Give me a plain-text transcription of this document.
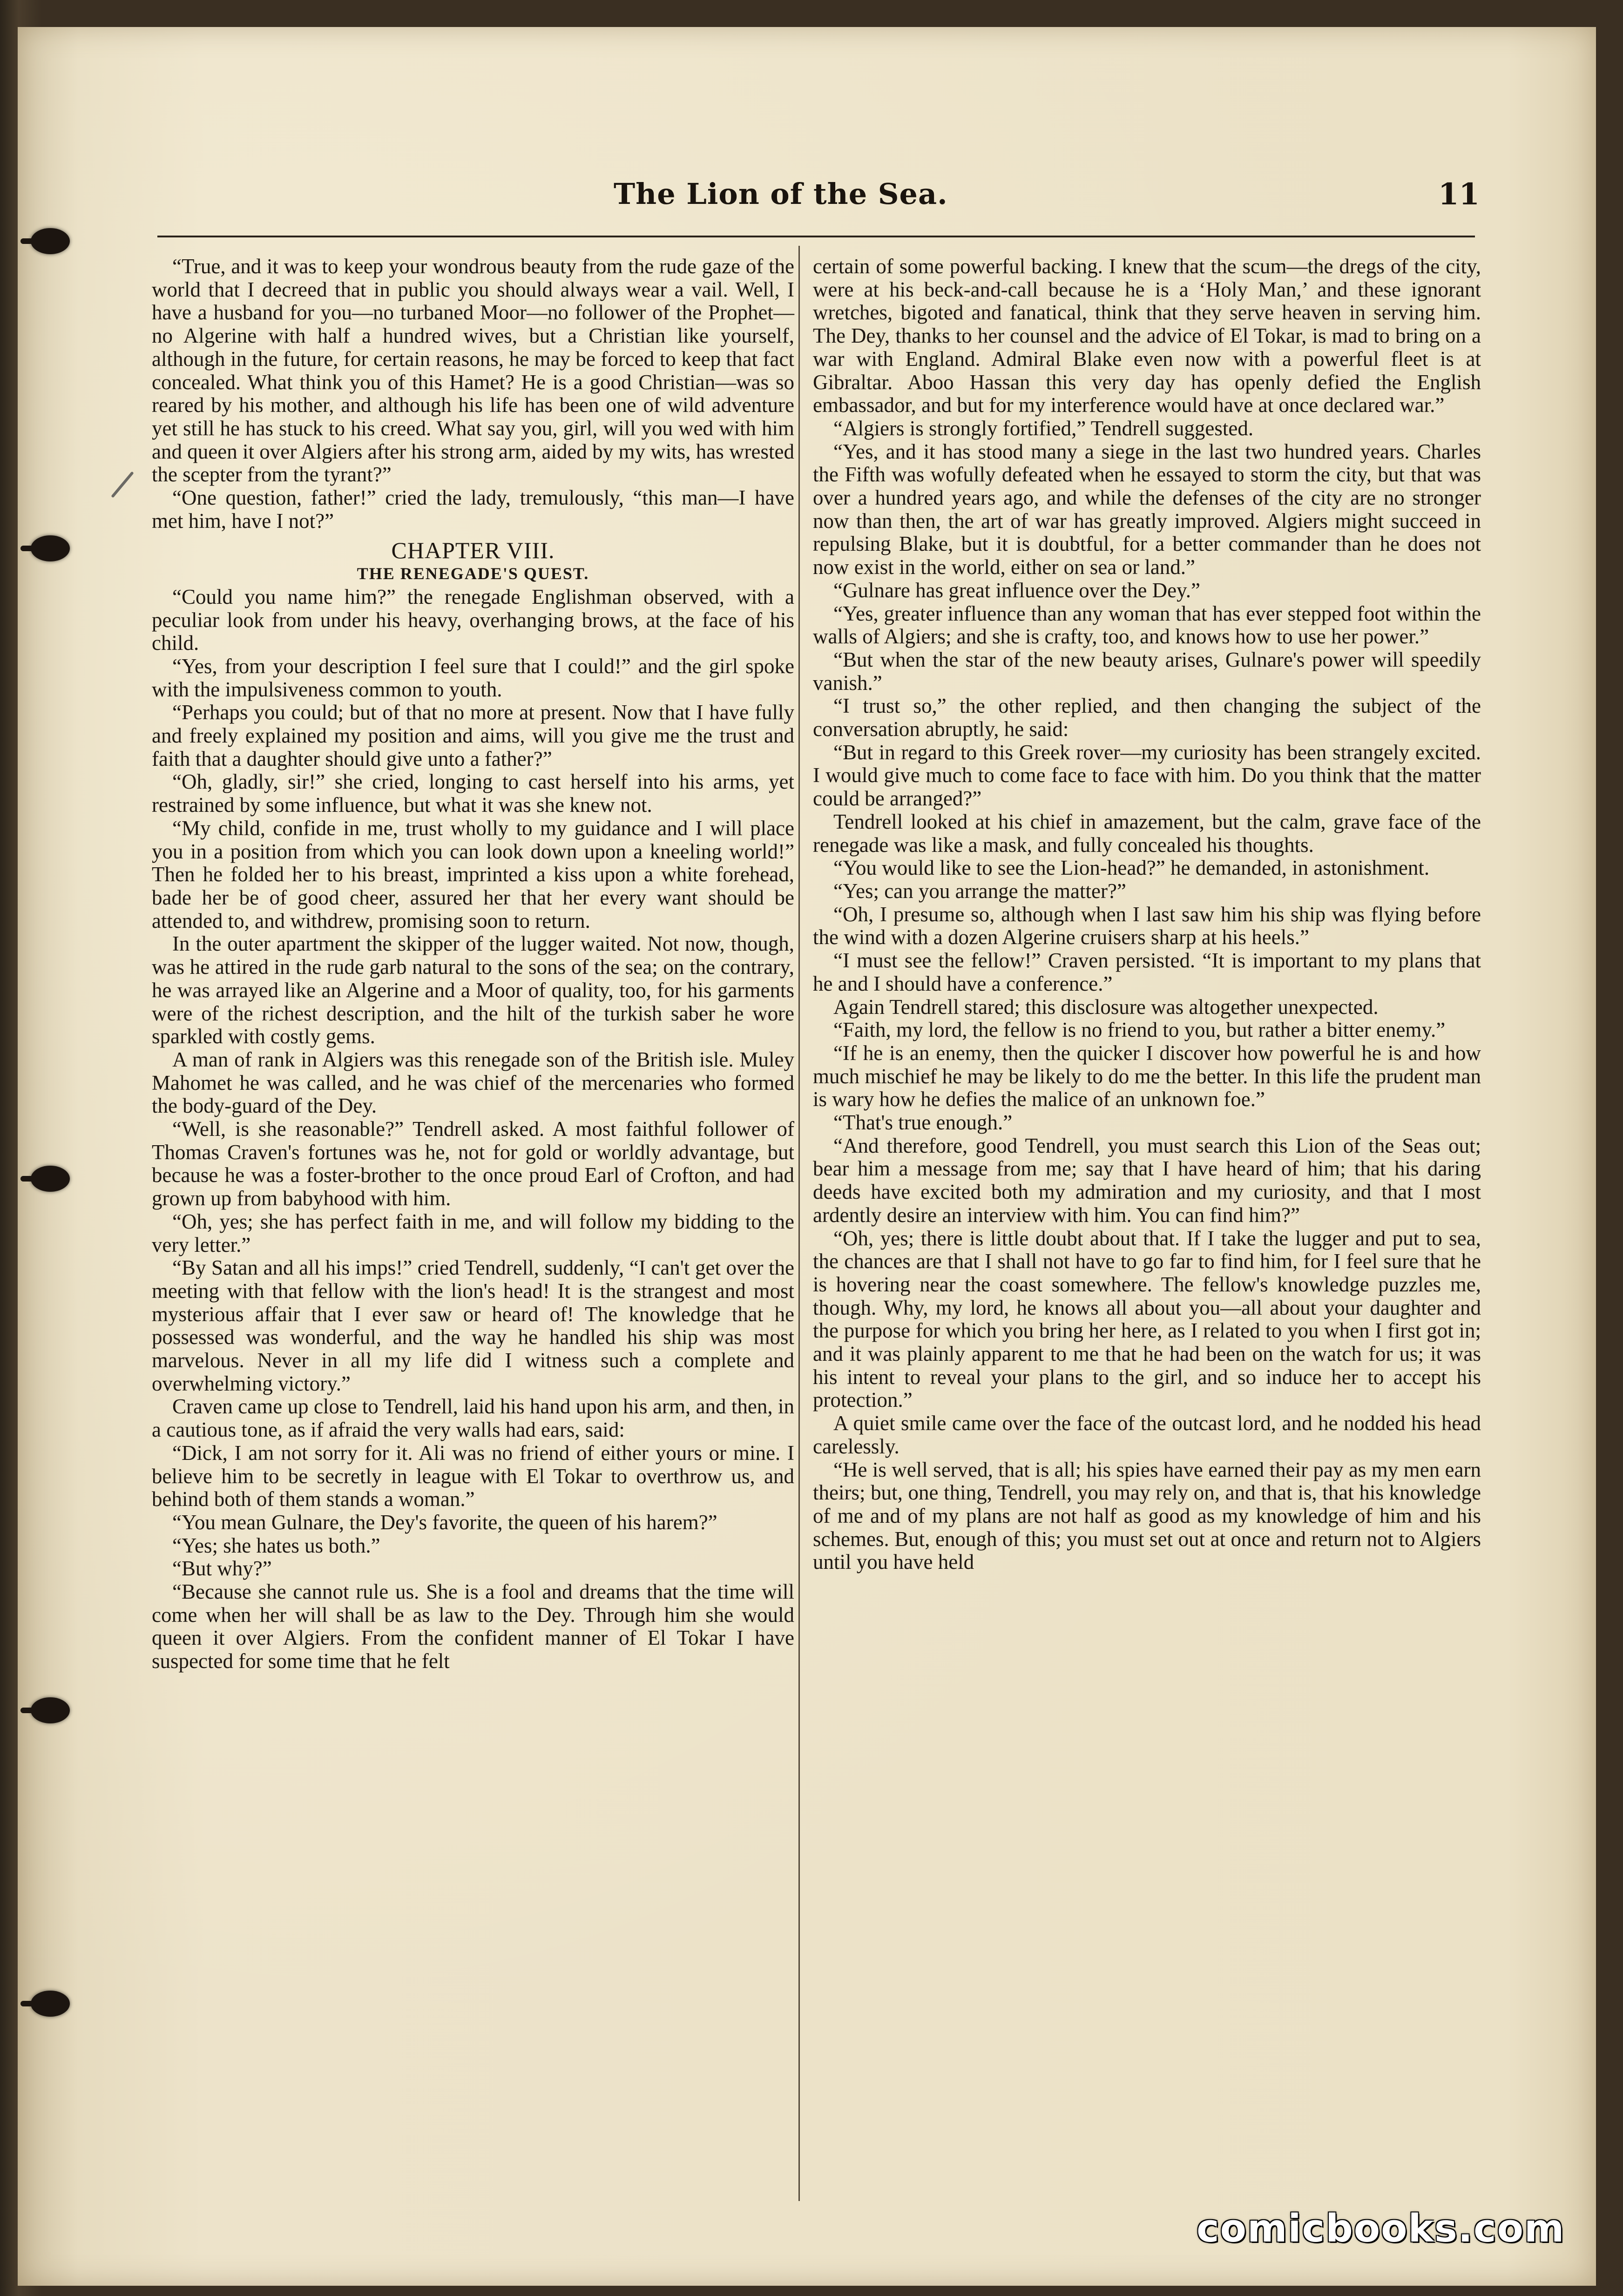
The Lion of the Sea.	11

“True, and it was to keep your wondrous beauty from the rude gaze of the world that I decreed that in public you should always wear a vail. Well, I have a husband for you—no turbaned Moor—no follower of the Prophet—no Algerine with half a hundred wives, but a Christian like yourself, although in the future, for certain reasons, he may be forced to keep that fact concealed. What think you of this Hamet? He is a good Christian—was so reared by his mother, and although his life has been one of wild adventure yet still he has stuck to his creed. What say you, girl, will you wed with him and queen it over Algiers after his strong arm, aided by my wits, has wrested the scepter from the tyrant?”

“One question, father!” cried the lady, tremulously, “this man—I have met him, have I not?”

CHAPTER VIII.

THE RENEGADE'S QUEST.

“Could you name him?” the renegade Englishman observed, with a peculiar look from under his heavy, overhanging brows, at the face of his child.

“Yes, from your description I feel sure that I could!” and the girl spoke with the impulsiveness common to youth.

“Perhaps you could; but of that no more at present. Now that I have fully and freely explained my position and aims, will you give me the trust and faith that a daughter should give unto a father?”

“Oh, gladly, sir!” she cried, longing to cast herself into his arms, yet restrained by some influence, but what it was she knew not.

“My child, confide in me, trust wholly to my guidance and I will place you in a position from which you can look down upon a kneeling world!” Then he folded her to his breast, imprinted a kiss upon a white forehead, bade her be of good cheer, assured her that her every want should be attended to, and withdrew, promising soon to return.

In the outer apartment the skipper of the lugger waited. Not now, though, was he attired in the rude garb natural to the sons of the sea; on the contrary, he was arrayed like an Algerine and a Moor of quality, too, for his garments were of the richest description, and the hilt of the turkish saber he wore sparkled with costly gems.

A man of rank in Algiers was this renegade son of the British isle. Muley Mahomet he was called, and he was chief of the mercenaries who formed the body-guard of the Dey.

“Well, is she reasonable?” Tendrell asked. A most faithful follower of Thomas Craven's fortunes was he, not for gold or worldly advantage, but because he was a foster-brother to the once proud Earl of Crofton, and had grown up from babyhood with him.

“Oh, yes; she has perfect faith in me, and will follow my bidding to the very letter.”

“By Satan and all his imps!” cried Tendrell, suddenly, “I can't get over the meeting with that fellow with the lion's head! It is the strangest and most mysterious affair that I ever saw or heard of! The knowledge that he possessed was wonderful, and the way he handled his ship was most marvelous. Never in all my life did I witness such a complete and overwhelming victory.”

Craven came up close to Tendrell, laid his hand upon his arm, and then, in a cautious tone, as if afraid the very walls had ears, said:

“Dick, I am not sorry for it. Ali was no friend of either yours or mine. I believe him to be secretly in league with El Tokar to overthrow us, and behind both of them stands a woman.”

“You mean Gulnare, the Dey's favorite, the queen of his harem?”

“Yes; she hates us both.”

“But why?”

“Because she cannot rule us. She is a fool and dreams that the time will come when her will shall be as law to the Dey. Through him she would queen it over Algiers. From the confident manner of El Tokar I have suspected for some time that he felt

certain of some powerful backing. I knew that the scum—the dregs of the city, were at his beck-and-call because he is a ‘Holy Man,’ and these ignorant wretches, bigoted and fanatical, think that they serve heaven in serving him. The Dey, thanks to her counsel and the advice of El Tokar, is mad to bring on a war with England. Admiral Blake even now with a powerful fleet is at Gibraltar. Aboo Hassan this very day has openly defied the English embassador, and but for my interference would have at once declared war.”

“Algiers is strongly fortified,” Tendrell suggested.

“Yes, and it has stood many a siege in the last two hundred years. Charles the Fifth was wofully defeated when he essayed to storm the city, but that was over a hundred years ago, and while the defenses of the city are no stronger now than then, the art of war has greatly improved. Algiers might succeed in repulsing Blake, but it is doubtful, for a better commander than he does not now exist in the world, either on sea or land.”

“Gulnare has great influence over the Dey.”

“Yes, greater influence than any woman that has ever stepped foot within the walls of Algiers; and she is crafty, too, and knows how to use her power.”

“But when the star of the new beauty arises, Gulnare's power will speedily vanish.”

“I trust so,” the other replied, and then changing the subject of the conversation abruptly, he said:

“But in regard to this Greek rover—my curiosity has been strangely excited. I would give much to come face to face with him. Do you think that the matter could be arranged?”

Tendrell looked at his chief in amazement, but the calm, grave face of the renegade was like a mask, and fully concealed his thoughts.

“You would like to see the Lion-head?” he demanded, in astonishment.

“Yes; can you arrange the matter?”

“Oh, I presume so, although when I last saw him his ship was flying before the wind with a dozen Algerine cruisers sharp at his heels.”

“I must see the fellow!” Craven persisted. “It is important to my plans that he and I should have a conference.”

Again Tendrell stared; this disclosure was altogether unexpected.

“Faith, my lord, the fellow is no friend to you, but rather a bitter enemy.”

“If he is an enemy, then the quicker I discover how powerful he is and how much mischief he may be likely to do me the better. In this life the prudent man is wary how he defies the malice of an unknown foe.”

“That's true enough.”

“And therefore, good Tendrell, you must search this Lion of the Seas out; bear him a message from me; say that I have heard of him; that his daring deeds have excited both my admiration and my curiosity, and that I most ardently desire an interview with him. You can find him?”

“Oh, yes; there is little doubt about that. If I take the lugger and put to sea, the chances are that I shall not have to go far to find him, for I feel sure that he is hovering near the coast somewhere. The fellow's knowledge puzzles me, though. Why, my lord, he knows all about you—all about your daughter and the purpose for which you bring her here, as I related to you when I first got in; and it was plainly apparent to me that he had been on the watch for us; it was his intent to reveal your plans to the girl, and so induce her to accept his protection.”

A quiet smile came over the face of the outcast lord, and he nodded his head carelessly.

“He is well served, that is all; his spies have earned their pay as my men earn theirs; but, one thing, Tendrell, you may rely on, and that is, that his knowledge of me and of my plans are not half as good as my knowledge of him and his schemes. But, enough of this; you must set out at once and return not to Algiers until you have held

comicbooks.com
